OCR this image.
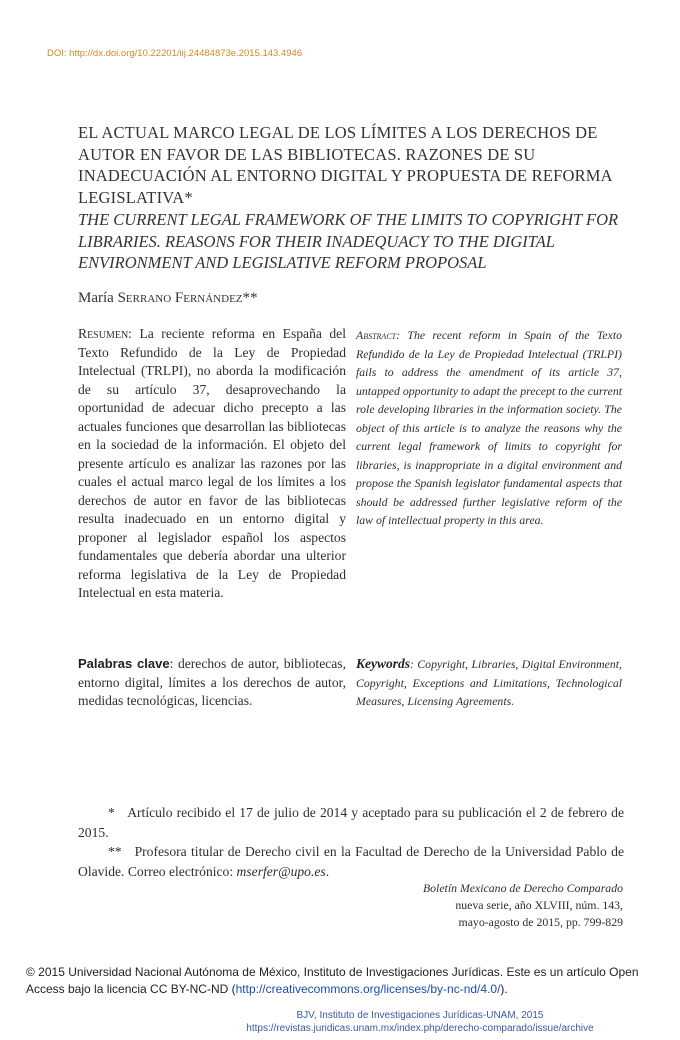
DOI: http://dx.doi.org/10.22201/iij.24484873e.2015.143.4946
EL ACTUAL MARCO LEGAL DE LOS LÍMITES A LOS DERECHOS DE AUTOR EN FAVOR DE LAS BIBLIOTECAS. RAZONES DE SU INADECUACIÓN AL ENTORNO DIGITAL Y PROPUESTA DE REFORMA LEGISLATIVA*
THE CURRENT LEGAL FRAMEWORK OF THE LIMITS TO COPYRIGHT FOR LIBRARIES. REASONS FOR THEIR INADEQUACY TO THE DIGITAL ENVIRONMENT AND LEGISLATIVE REFORM PROPOSAL
María Serrano Fernández**
Resumen: La reciente reforma en España del Texto Refundido de la Ley de Propiedad Intelectual (TRLPI), no aborda la modificación de su artículo 37, desaprovechando la oportunidad de adecuar dicho precepto a las actuales funciones que desarrollan las bibliotecas en la sociedad de la información. El objeto del presente artículo es analizar las razones por las cuales el actual marco legal de los límites a los derechos de autor en favor de las bibliotecas resulta inadecuado en un entorno digital y proponer al legislador español los aspectos fundamentales que debería abordar una ulterior reforma legislativa de la Ley de Propiedad Intelectual en esta materia.
Abstract: The recent reform in Spain of the Texto Refundido de la Ley de Propiedad Intelectual (TRLPI) fails to address the amendment of its article 37, untapped opportunity to adapt the precept to the current role developing libraries in the information society. The object of this article is to analyze the reasons why the current legal framework of limits to copyright for libraries, is inappropriate in a digital environment and propose the Spanish legislator fundamental aspects that should be addressed further legislative reform of the law of intellectual property in this area.
Palabras clave: derechos de autor, bibliotecas, entorno digital, límites a los derechos de autor, medidas tecnológicas, licencias.
Keywords: Copyright, Libraries, Digital Environment, Copyright, Exceptions and Limitations, Technological Measures, Licensing Agreements.

* Artículo recibido el 17 de julio de 2014 y aceptado para su publicación el 2 de febrero de 2015.

** Profesora titular de Derecho civil en la Facultad de Derecho de la Universidad Pablo de Olavide. Correo electrónico: mserfer@upo.es.

Boletín Mexicano de Derecho Comparado
nueva serie, año XLVIII, núm. 143,
mayo-agosto de 2015, pp. 799-829
© 2015 Universidad Nacional Autónoma de México, Instituto de Investigaciones Jurídicas. Este es un artículo Open Access bajo la licencia CC BY-NC-ND (http://creativecommons.org/licenses/by-nc-nd/4.0/).
BJV, Instituto de Investigaciones Jurídicas-UNAM, 2015
https://revistas.juridicas.unam.mx/index.php/derecho-comparado/issue/archive
